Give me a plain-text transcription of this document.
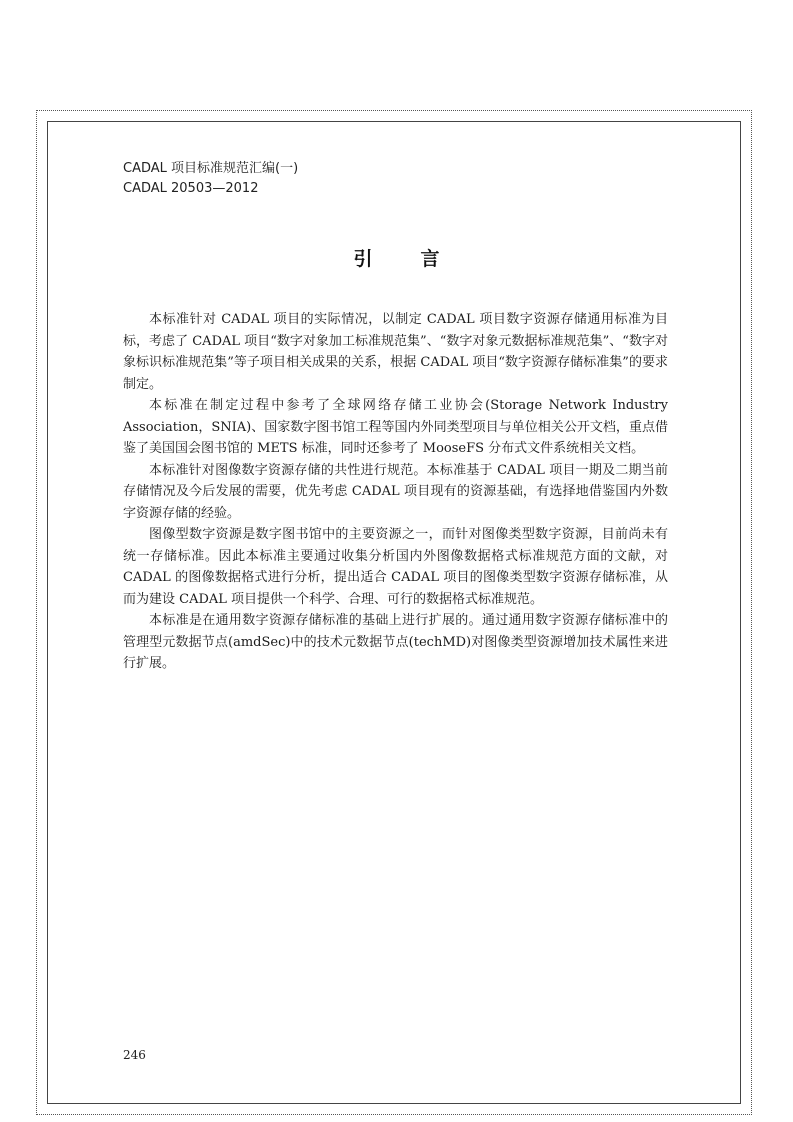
CADAL 项目标准规范汇编(一)
CADAL 20503—2012
引	言

本标准针对 CADAL 项目的实际情况，以制定 CADAL 项目数字资源存储通用标准为目标，考虑了 CADAL 项目“数字对象加工标准规范集”、“数字对象元数据标准规范集”、“数字对象标识标准规范集”等子项目相关成果的关系，根据 CADAL 项目“数字资源存储标准集”的要求制定。

本标准在制定过程中参考了全球网络存储工业协会(Storage Network Industry Association，SNIA)、国家数字图书馆工程等国内外同类型项目与单位相关公开文档，重点借鉴了美国国会图书馆的 METS 标准，同时还参考了 MooseFS 分布式文件系统相关文档。

本标准针对图像数字资源存储的共性进行规范。本标准基于 CADAL 项目一期及二期当前存储情况及今后发展的需要，优先考虑 CADAL 项目现有的资源基础，有选择地借鉴国内外数字资源存储的经验。

图像型数字资源是数字图书馆中的主要资源之一，而针对图像类型数字资源，目前尚未有统一存储标准。因此本标准主要通过收集分析国内外图像数据格式标准规范方面的文献，对 CADAL 的图像数据格式进行分析，提出适合 CADAL 项目的图像类型数字资源存储标准，从而为建设 CADAL 项目提供一个科学、合理、可行的数据格式标准规范。

本标准是在通用数字资源存储标准的基础上进行扩展的。通过通用数字资源存储标准中的管理型元数据节点(amdSec)中的技术元数据节点(techMD)对图像类型资源增加技术属性来进行扩展。

246
